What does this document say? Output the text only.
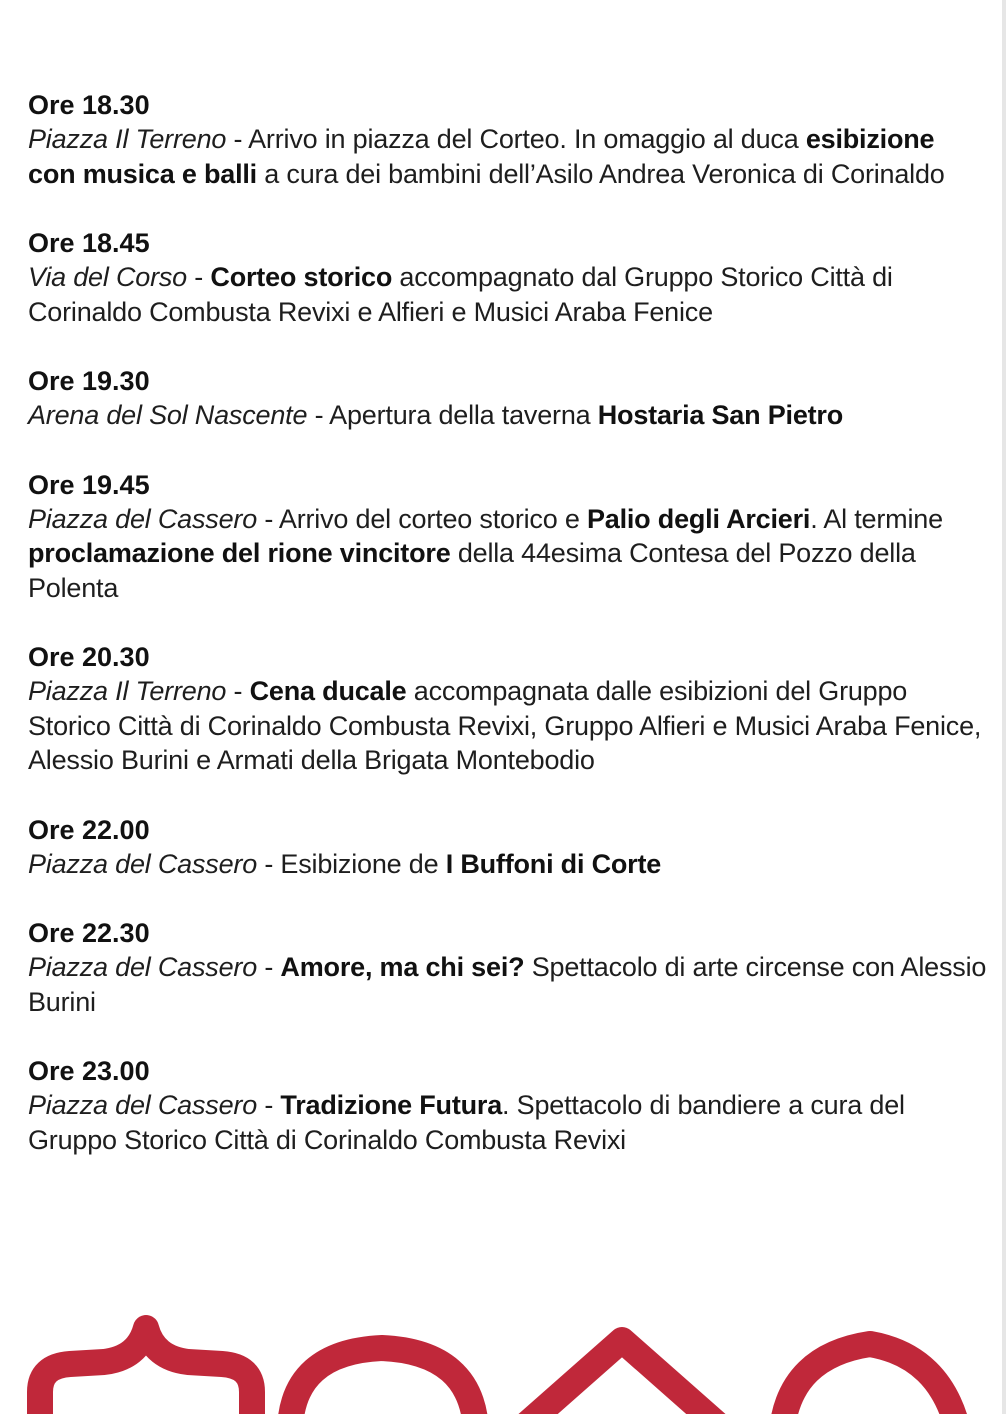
Ore 18.30

Piazza Il Terreno - Arrivo in piazza del Corteo. In omaggio al duca esibizione con musica e balli a cura dei bambini dell’Asilo Andrea Veronica di Corinaldo

Ore 18.45

Via del Corso - Corteo storico accompagnato dal Gruppo Storico Città di Corinaldo Combusta Revixi e Alfieri e Musici Araba Fenice

Ore 19.30

Arena del Sol Nascente - Apertura della taverna Hostaria San Pietro

Ore 19.45

Piazza del Cassero - Arrivo del corteo storico e Palio degli Arcieri. Al termine proclamazione del rione vincitore della 44esima Contesa del Pozzo della Polenta

Ore 20.30

Piazza Il Terreno - Cena ducale accompagnata dalle esibizioni del Gruppo Storico Città di Corinaldo Combusta Revixi, Gruppo Alfieri e Musici Araba Fenice, Alessio Burini e Armati della Brigata Montebodio

Ore 22.00

Piazza del Cassero - Esibizione de I Buffoni di Corte

Ore 22.30

Piazza del Cassero - Amore, ma chi sei? Spettacolo di arte circense con Alessio Burini

Ore 23.00

Piazza del Cassero - Tradizione Futura. Spettacolo di bandiere a cura del Gruppo Storico Città di Corinaldo Combusta Revixi
